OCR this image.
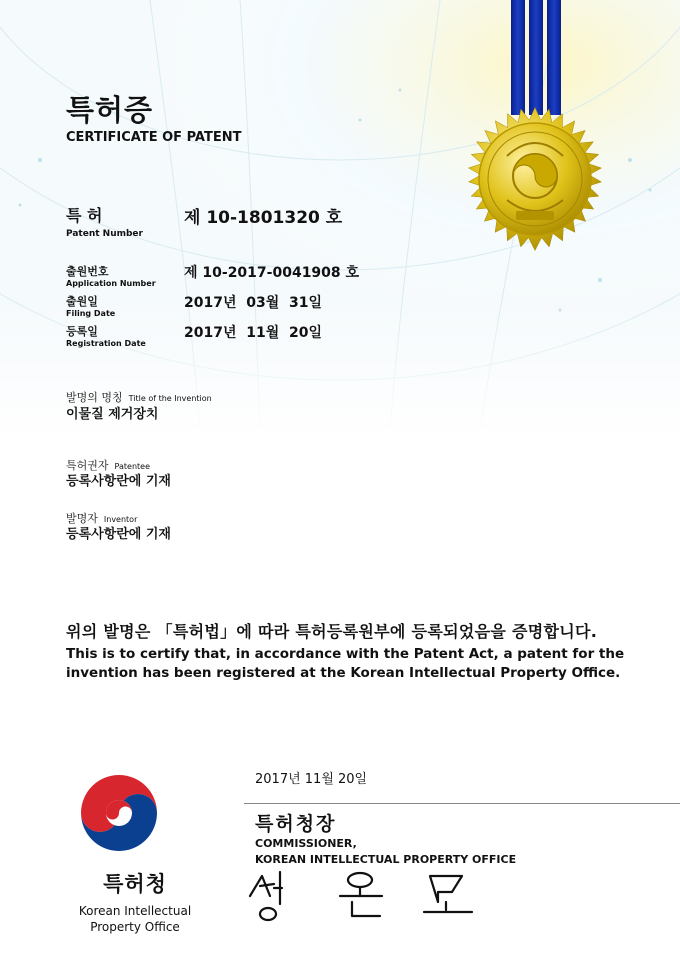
특허증
CERTIFICATE OF PATENT
특 허
Patent Number
제 10-1801320 호
출원번호
Application Number
제 10-2017-0041908 호
출원일
Filing Date
2017년  03월  31일
등록일
Registration Date
2017년  11월  20일
발명의 명칭 Title of the Invention
이물질 제거장치
특허권자 Patentee
등록사항란에 기재
발명자 Inventor
등록사항란에 기재
위의 발명은 「특허법」에 따라 특허등록원부에 등록되었음을 증명합니다.
This is to certify that, in accordance with the Patent Act, a patent for the invention has been registered at the Korean Intellectual Property Office.
2017년 11월 20일
특허청장
COMMISSIONER,
KOREAN INTELLECTUAL PROPERTY OFFICE
특허청
Korean Intellectual
Property Office
